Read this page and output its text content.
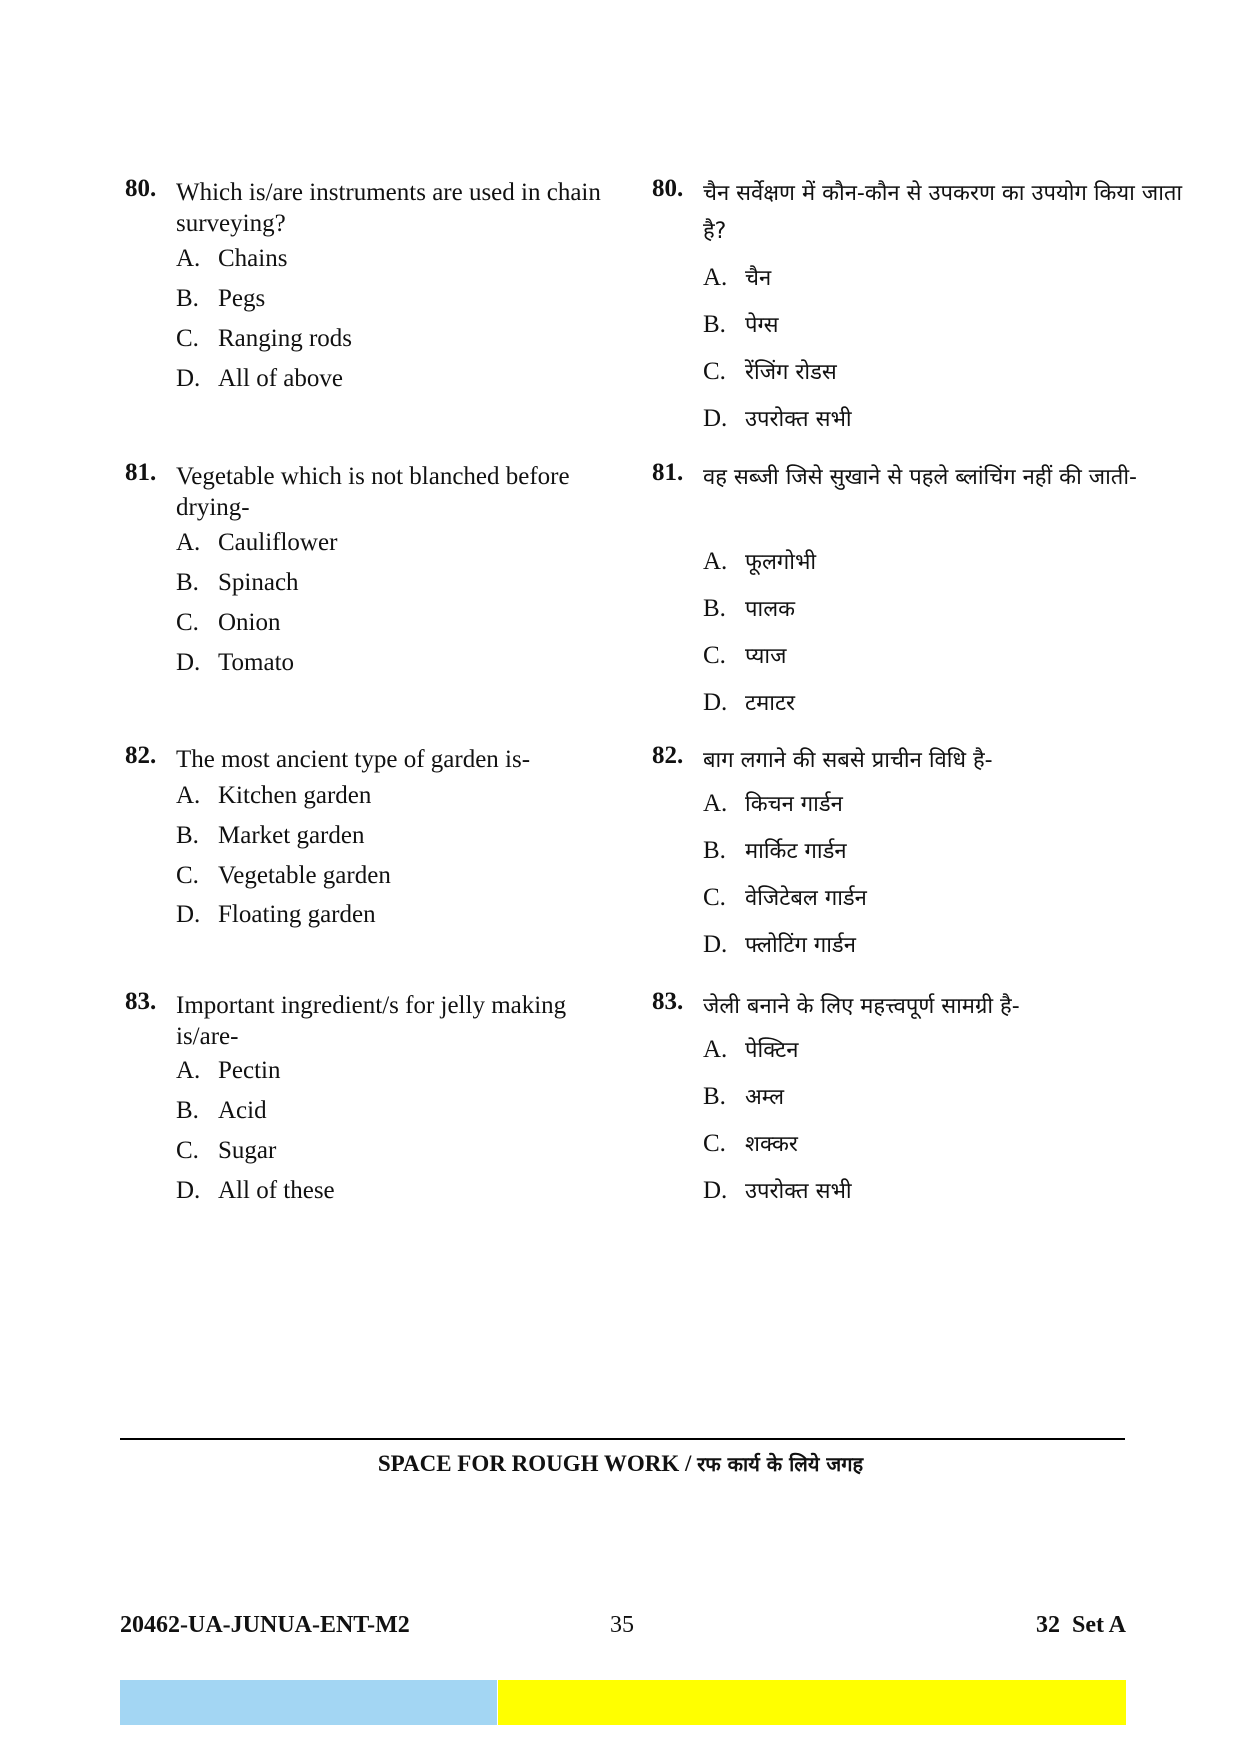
80. Which is/are instruments are used in chain surveying?
A. Chains
B. Pegs
C. Ranging rods
D. All of above
81. Vegetable which is not blanched before drying-
A. Cauliflower
B. Spinach
C. Onion
D. Tomato
82. The most ancient type of garden is-
A. Kitchen garden
B. Market garden
C. Vegetable garden
D. Floating garden
83. Important ingredient/s for jelly making is/are-
A. Pectin
B. Acid
C. Sugar
D. All of these
80. चैन सर्वेक्षण में कौन-कौन से उपकरण का उपयोग किया जाता है?
A. चैन
B. पेग्स
C. रेंजिंग रोडस
D. उपरोक्त सभी
81. वह सब्जी जिसे सुखाने से पहले ब्लांचिंग नहीं की जाती-
A. फूलगोभी
B. पालक
C. प्याज
D. टमाटर
82. बाग लगाने की सबसे प्राचीन विधि है-
A. किचन गार्डन
B. मार्किट गार्डन
C. वेजिटेबल गार्डन
D. फ्लोटिंग गार्डन
83. जेली बनाने के लिए महत्त्वपूर्ण सामग्री है-
A. पेक्टिन
B. अम्ल
C. शक्कर
D. उपरोक्त सभी
SPACE FOR ROUGH WORK / रफ कार्य के लिये जगह
20462-UA-JUNUA-ENT-M2	35	32  Set A
